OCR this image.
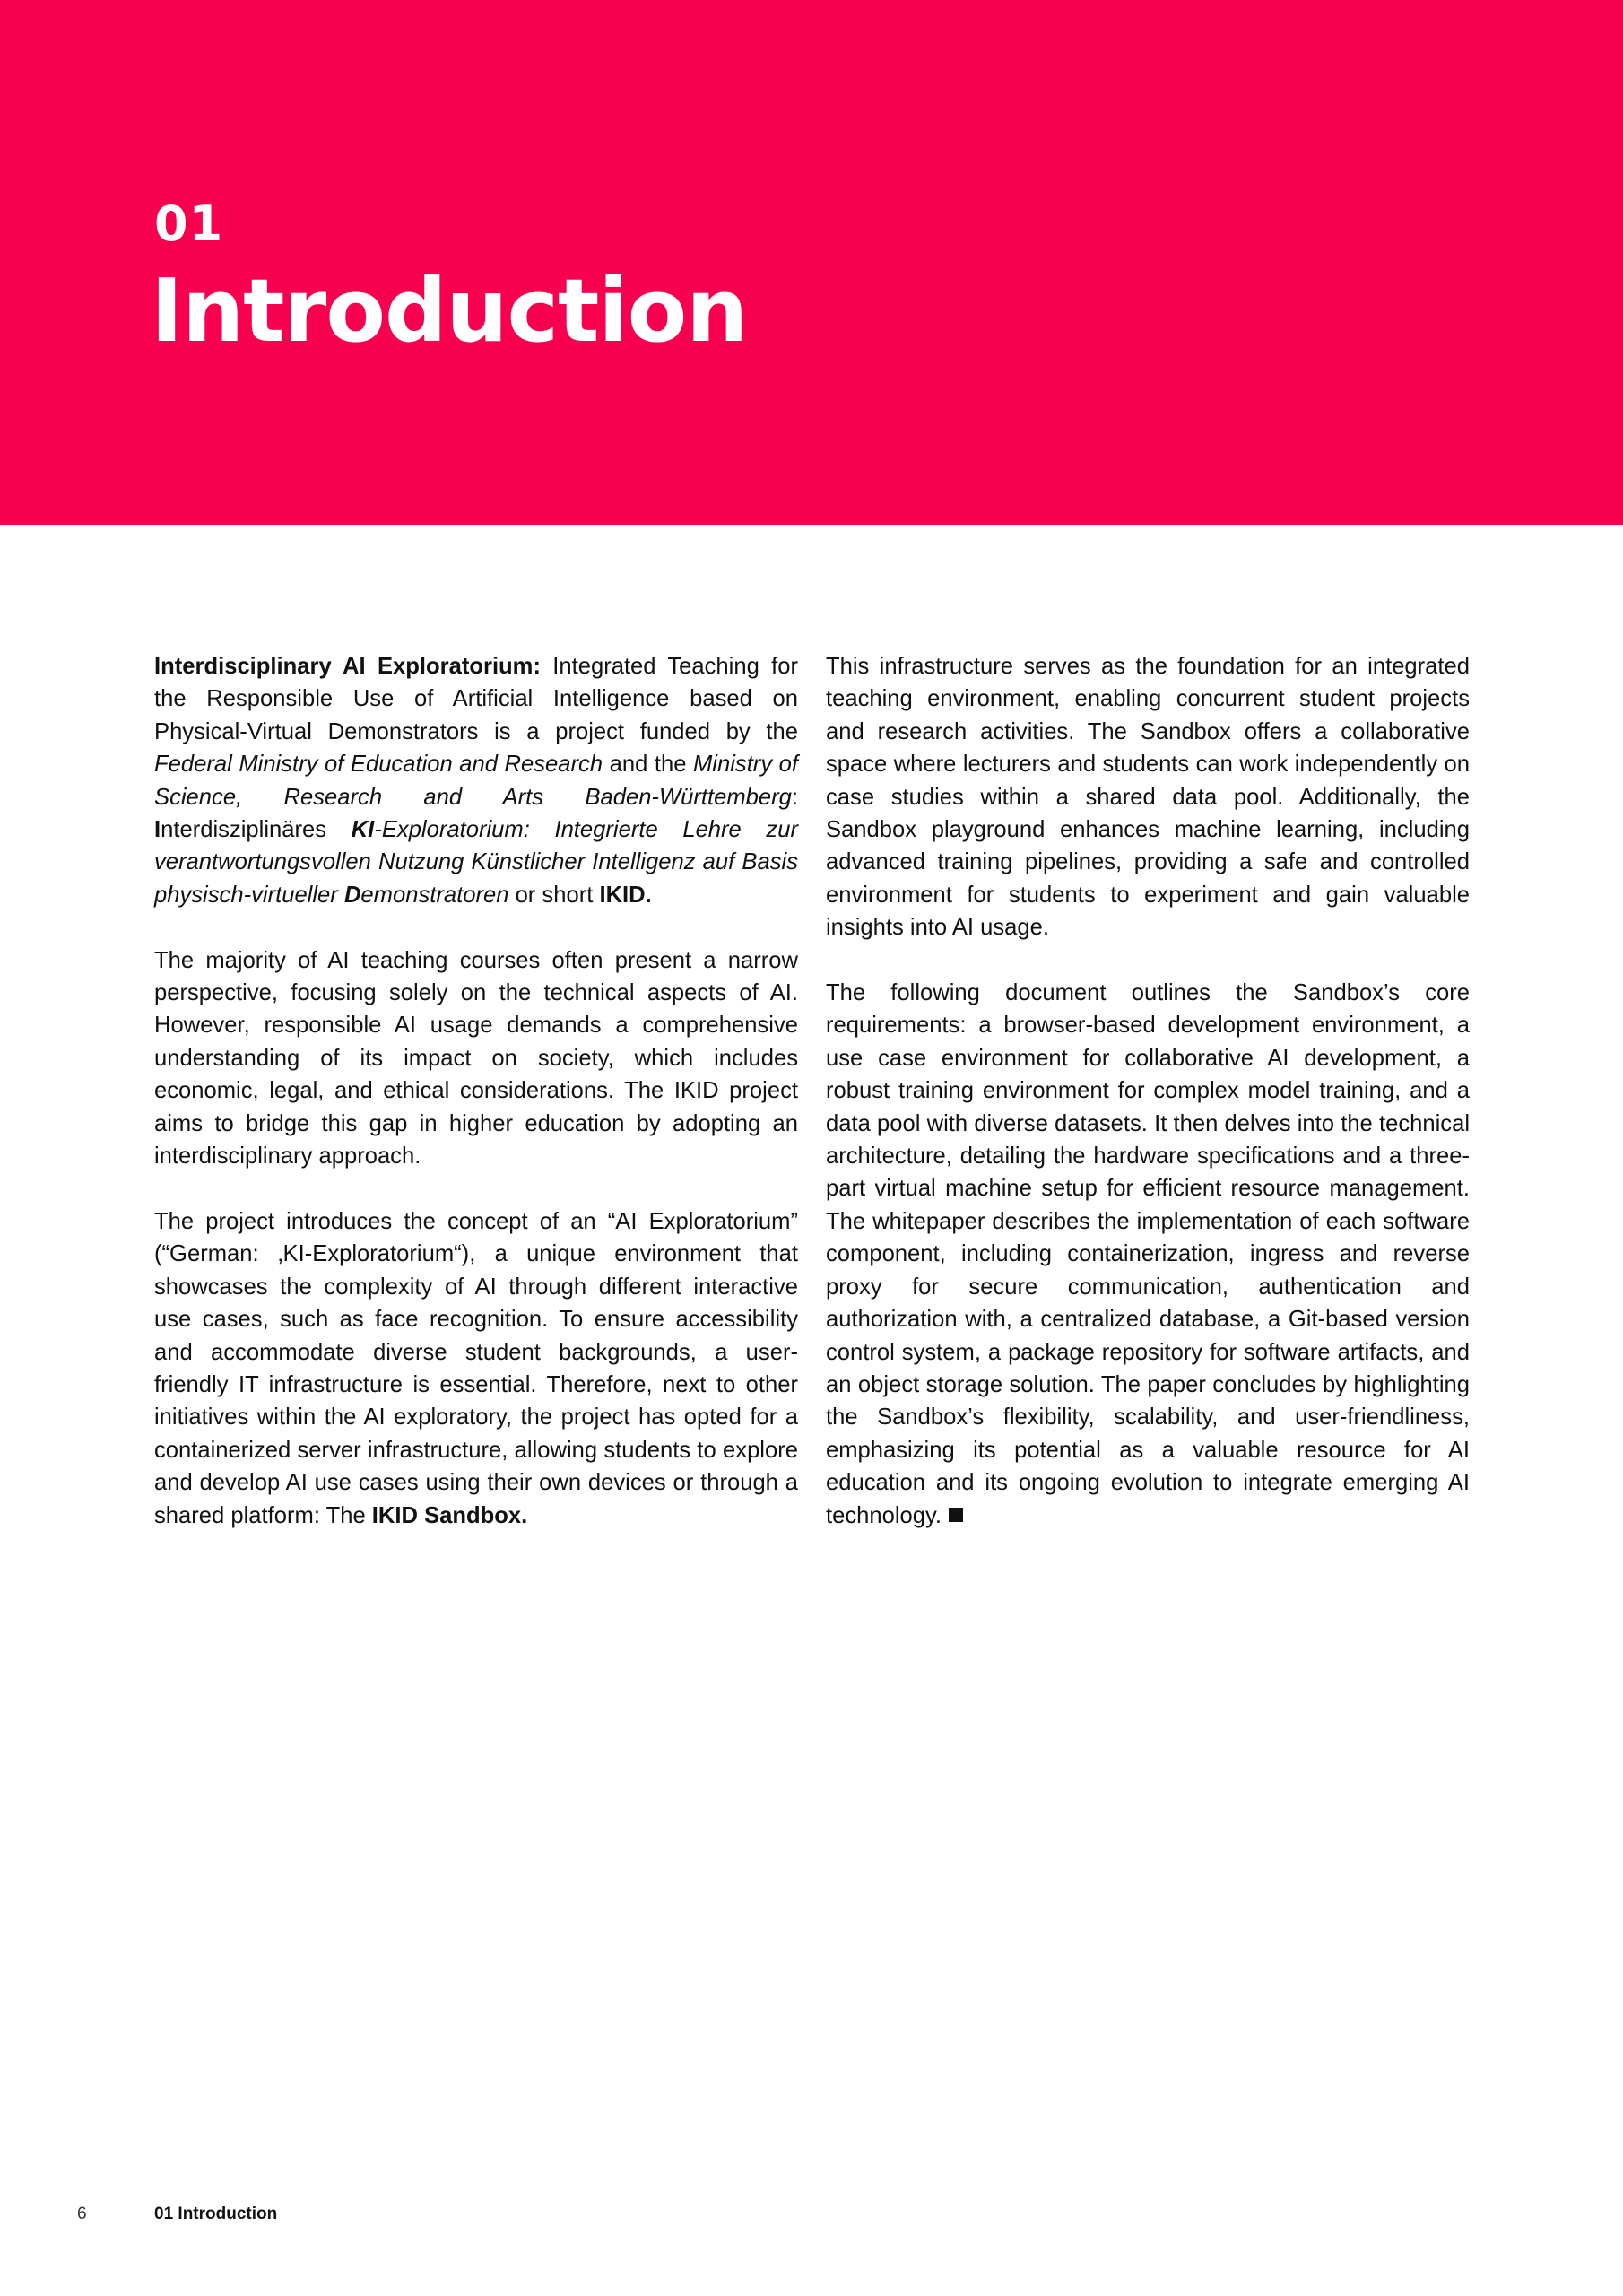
01
Introduction

Interdisciplinary AI Exploratorium: Integrated Teaching for the Responsible Use of Artificial Intelligence based on Physical-Virtual Demonstrators is a project funded by the Federal Ministry of Education and Research and the Ministry of Science, Research and Arts Baden-Württemberg: Interdisziplinäres KI-Exploratorium: Integrierte Lehre zur verantwortungsvollen Nutzung Künstlicher Intelligenz auf Basis physisch-virtueller Demonstratoren or short IKID.

The majority of AI teaching courses often present a narrow perspective, focusing solely on the technical aspects of AI. However, responsible AI usage demands a comprehensive understanding of its impact on society, which includes economic, legal, and ethical considerations. The IKID project aims to bridge this gap in higher education by adopting an interdisciplinary approach.

The project introduces the concept of an “AI Exploratorium” (“German: ‚KI-Exploratorium“), a unique environment that showcases the complexity of AI through different interactive use cases, such as face recognition. To ensure accessibility and accommodate diverse student backgrounds, a user-friendly IT infrastructure is essential. Therefore, next to other initiatives within the AI exploratory, the project has opted for a containerized server infrastructure, allowing students to explore and develop AI use cases using their own devices or through a shared platform: The IKID Sandbox.

This infrastructure serves as the foundation for an integrated teaching environment, enabling concurrent student projects and research activities. The Sandbox offers a collaborative space where lecturers and students can work independently on case studies within a shared data pool. Additionally, the Sandbox playground enhances machine learning, including advanced training pipelines, providing a safe and controlled environment for students to experiment and gain valuable insights into AI usage.

The following document outlines the Sandbox’s core requirements: a browser-based development environment, a use case environment for collaborative AI development, a robust training environment for complex model training, and a data pool with diverse datasets. It then delves into the technical architecture, detailing the hardware specifications and a three-part virtual machine setup for efficient resource management. The whitepaper describes the implementation of each software component, including containerization, ingress and reverse proxy for secure communication, authentication and authorization with, a centralized database, a Git-based version control system, a package repository for software artifacts, and an object storage solution. The paper concludes by highlighting the Sandbox’s flexibility, scalability, and user-friendliness, emphasizing its potential as a valuable resource for AI education and its ongoing evolution to integrate emerging AI technology.

6	01 Introduction
